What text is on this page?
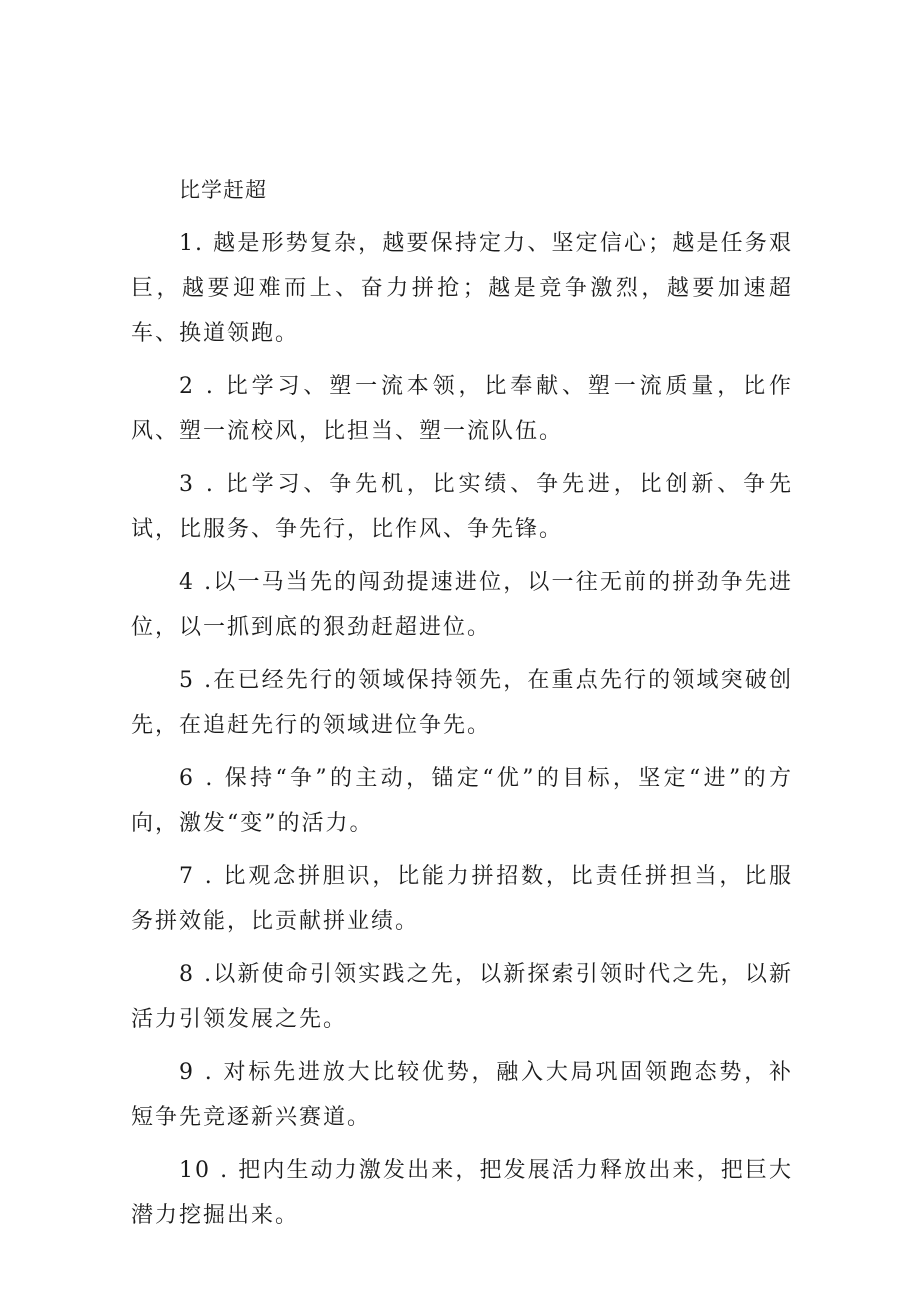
比学赶超

1. 越是形势复杂，越要保持定力、坚定信心；越是任务艰巨，越要迎难而上、奋力拼抢；越是竞争激烈，越要加速超车、换道领跑。

2 . 比学习、塑一流本领，比奉献、塑一流质量，比作风、塑一流校风，比担当、塑一流队伍。

3 . 比学习、争先机，比实绩、争先进，比创新、争先试，比服务、争先行，比作风、争先锋。

4 .以一马当先的闯劲提速进位，以一往无前的拼劲争先进位，以一抓到底的狠劲赶超进位。

5 .在已经先行的领域保持领先，在重点先行的领域突破创先，在追赶先行的领域进位争先。

6 . 保持“争”的主动，锚定“优”的目标，坚定“进”的方向，激发“变”的活力。

7 . 比观念拼胆识，比能力拼招数，比责任拼担当，比服务拼效能，比贡献拼业绩。

8 .以新使命引领实践之先，以新探索引领时代之先，以新活力引领发展之先。

9 . 对标先进放大比较优势，融入大局巩固领跑态势，补短争先竞逐新兴赛道。

10 . 把内生动力激发出来，把发展活力释放出来，把巨大潜力挖掘出来。
